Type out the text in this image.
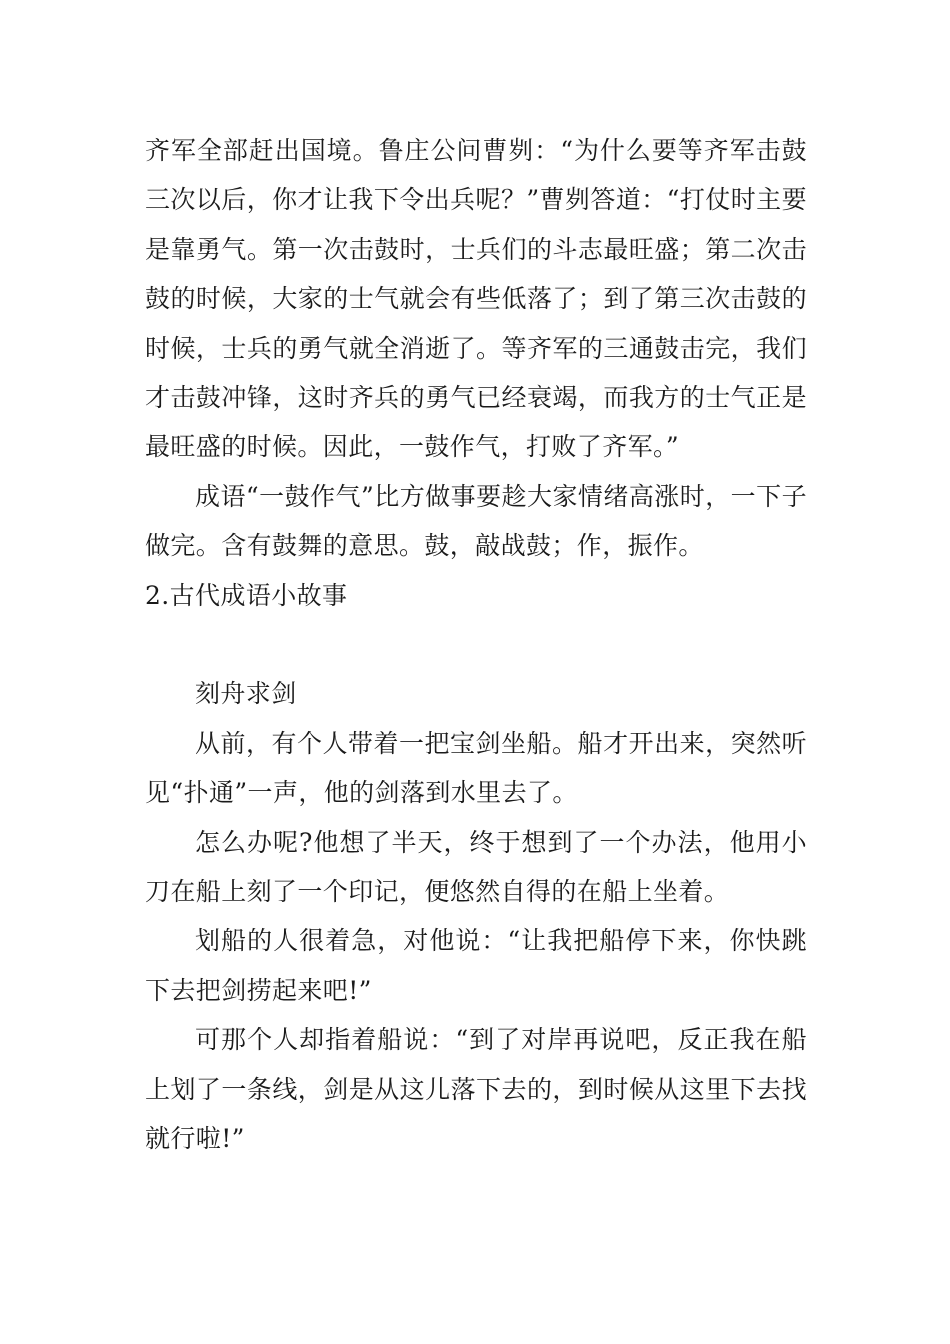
齐军全部赶出国境。鲁庄公问曹刿：“为什么要等齐军击鼓三次以后，你才让我下令出兵呢？”曹刿答道：“打仗时主要是靠勇气。第一次击鼓时，士兵们的斗志最旺盛；第二次击鼓的时候，大家的士气就会有些低落了；到了第三次击鼓的时候，士兵的勇气就全消逝了。等齐军的三通鼓击完，我们才击鼓冲锋，这时齐兵的勇气已经衰竭，而我方的士气正是最旺盛的时候。因此，一鼓作气，打败了齐军。”

成语“一鼓作气”比方做事要趁大家情绪高涨时，一下子做完。含有鼓舞的意思。鼓，敲战鼓；作，振作。

2.古代成语小故事

刻舟求剑

从前，有个人带着一把宝剑坐船。船才开出来，突然听见“扑通”一声，他的剑落到水里去了。

怎么办呢?他想了半天，终于想到了一个办法，他用小刀在船上刻了一个印记，便悠然自得的在船上坐着。

划船的人很着急，对他说：“让我把船停下来，你快跳下去把剑捞起来吧!”

可那个人却指着船说：“到了对岸再说吧，反正我在船上划了一条线，剑是从这儿落下去的，到时候从这里下去找就行啦!”
